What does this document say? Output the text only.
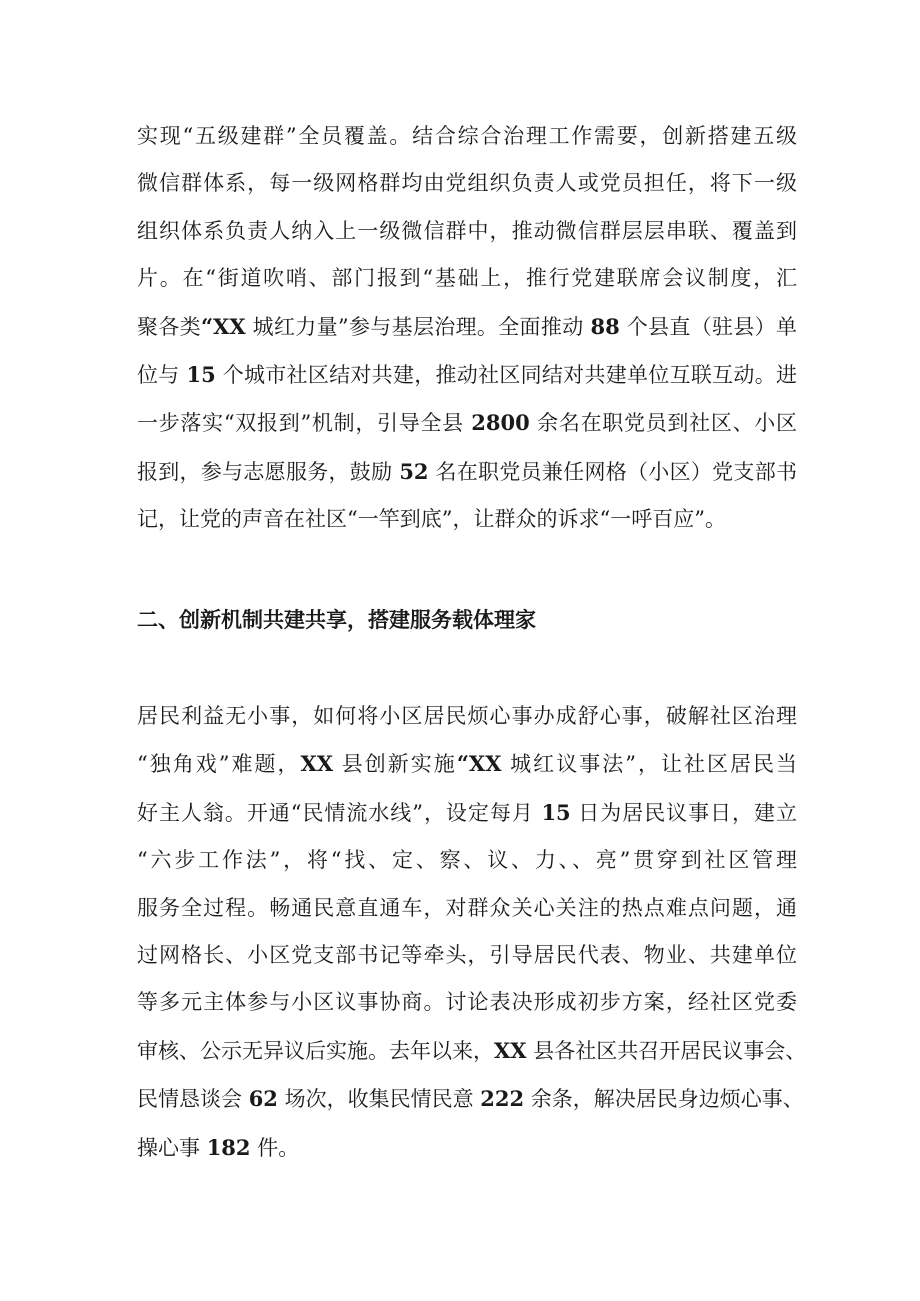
实现“五级建群”全员覆盖。结合综合治理工作需要，创新搭建五级
微信群体系，每一级网格群均由党组织负责人或党员担任，将下一级
组织体系负责人纳入上一级微信群中，推动微信群层层串联、覆盖到
片。在“街道吹哨、部门报到“基础上，推行党建联席会议制度，汇
聚各类“XX 城红力量”参与基层治理。全面推动 88 个县直（驻县）单
位与 15 个城市社区结对共建，推动社区同结对共建单位互联互动。进
一步落实“双报到”机制，引导全县 2800 余名在职党员到社区、小区
报到，参与志愿服务，鼓励 52 名在职党员兼任网格（小区）党支部书
记，让党的声音在社区“一竿到底”，让群众的诉求“一呼百应”。
二、创新机制共建共享，搭建服务载体理家
居民利益无小事，如何将小区居民烦心事办成舒心事，破解社区治理
“独角戏”难题，XX 县创新实施“XX 城红议事法”，让社区居民当
好主人翁。开通“民情流水线”，设定每月 15 日为居民议事日，建立
“六步工作法”，将“找、定、察、议、力、、亮”贯穿到社区管理
服务全过程。畅通民意直通车，对群众关心关注的热点难点问题，通
过网格长、小区党支部书记等牵头，引导居民代表、物业、共建单位
等多元主体参与小区议事协商。讨论表决形成初步方案，经社区党委
审核、公示无异议后实施。去年以来，XX 县各社区共召开居民议事会、
民情恳谈会 62 场次，收集民情民意 222 余条，解决居民身边烦心事、
操心事 182 件。
